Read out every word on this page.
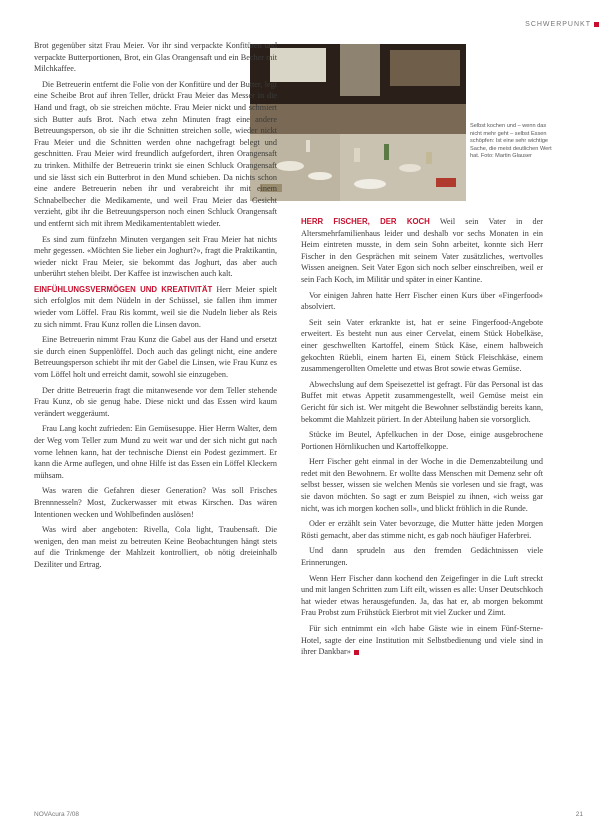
SCHWERPUNKT
Selbst kochen und – wenn das nicht mehr geht – selbst Essen schöpfen: Ist eine sehr wichtige Sache, die meist deutlichen Wert hat. Foto: Martin Glauser

Brot gegenüber sitzt Frau Meier. Vor ihr sind verpackte Konfitüren und verpackte Butterportionen, Brot, ein Glas Orangensaft und ein Becher mit Milchkaffee.

Die Betreuerin entfernt die Folie von der Konfitüre und der Butter, legt eine Scheibe Brot auf ihren Teller, drückt Frau Meier das Messer in die Hand und fragt, ob sie streichen möchte. Frau Meier nickt und schmiert sich Butter aufs Brot. Nach etwa zehn Minuten fragt eine andere Betreuungsperson, ob sie ihr die Schnitten streichen solle, wieder nickt Frau Meier und die Schnitten werden ohne nachgefragt belegt und geschnitten. Frau Meier wird freundlich aufgefordert, ihren Orangensaft zu trinken. Mithilfe der Betreuerin trinkt sie einen Schluck Orangensaft und sie lässt sich ein Butterbrot in den Mund schieben. Da nichts schon eine andere Betreuerin neben ihr und verabreicht ihr mit einem Schnabelbecher die Medikamente, und weil Frau Meier das Gesicht verzieht, gibt ihr die Betreuungsperson noch einen Schluck Orangensaft und entfernt sich mit ihrem Medikamententablett wieder.

Es sind zum fünfzehn Minuten vergangen seit Frau Meier hat nichts mehr gegessen. «Möchten Sie lieber ein Joghurt?», fragt die Praktikantin, wieder nickt Frau Meier, sie bekommt das Joghurt, das aber auch unberührt stehen bleibt. Der Kaffee ist inzwischen auch kalt.

EINFÜHLUNGSVERMÖGEN UND KREATIVITÄT Herr Meier spielt sich erfolglos mit dem Nüdeln in der Schüssel, sie fallen ihm immer wieder vom Löffel. Frau Ris kommt, weil sie die Nudeln lieber als Reis zu sich nimmt. Frau Kunz rollen die Linsen davon.

Eine Betreuerin nimmt Frau Kunz die Gabel aus der Hand und ersetzt sie durch einen Suppenlöffel. Doch auch das gelingt nicht, eine andere Betreuungsperson schiebt ihr mit der Gabel die Linsen, wie Frau Kunz es vom Löffel holt und erreicht damit, sowohl sie einzugeben.

Der dritte Betreuerin fragt die mitanwesende vor dem Teller stehende Frau Kunz, ob sie genug habe. Diese nickt und das Essen wird kaum verändert weggeräumt.

Frau Lang kocht zufrieden: Ein Gemüsesuppe. Hier Herrn Walter, dem der Weg vom Teller zum Mund zu weit war und der sich nicht gut nach vorne lehnen kann, hat der technische Dienst ein Podest gezimmert. Er kann die Arme auflegen, und ohne Hilfe ist das Essen ein Löffel Kleckern mühsam.

Was waren die Gefahren dieser Generation? Was soll Frisches Brennnesseln? Most, Zuckerwasser mit etwas Kirschen. Das wären Intentionen wecken und Wohlbefinden auslösen!

Was wird aber angeboten: Rivella, Cola light, Traubensaft. Die wenigen, den man meist zu betreuten Keine Beobachtungen hängt stets auf die Trinkmenge der Mahlzeit kontrolliert, ob nötig dreieinhalb Deziliter und Ertrag.

HERR FISCHER, DER KOCH Weil sein Vater in der Altersmehrfamilienhaus leider und deshalb vor sechs Monaten in ein Heim eintreten musste, in dem sein Sohn arbeitet, konnte sich Herr Fischer in den Gesprächen mit seinem Vater zusätzliches, wertvolles Wissen aneignen. Seit Vater Egon sich noch selber einschreiben, weil er sein Fach Koch, im Militär und später in einer Kantine.

Vor einigen Jahren hatte Herr Fischer einen Kurs über «Fingerfood» absolviert.

Seit sein Vater erkrankte ist, hat er seine Fingerfood-Angebote erweitert. Es besteht nun aus einer Cervelat, einem Stück Hobelkäse, einer geschwellten Kartoffel, einem Stück Käse, einem halbweich gekochten Rüebli, einem harten Ei, einem Stück Fleischkäse, einem zusammengerollten Omelette und etwas Brot sowie etwas Gemüse.

Abwechslung auf dem Speisezettel ist gefragt. Für das Personal ist das Buffet mit etwas Appetit zusammengestellt, weil Gemüse meist ein Gericht für sich ist. Wer mitgeht die Bewohner selbständig bereits kann, bekommt die Mahlzeit püriert. In der Abteilung haben sie vorsorglich.

Stücke im Beutel, Apfelkuchen in der Dose, einige ausgebrochene Portionen Hörnlikuchen und Kartoffelkoppe.

Herr Fischer geht einmal in der Woche in die Demenzabteilung und redet mit den Bewohnern. Er wollte dass Menschen mit Demenz sehr oft selbst besser, wissen sie welchen Menüs sie vorlesen und sie fragt, was sie davon möchten. So sagt er zum Beispiel zu ihnen, «ich weiss gar nicht, was ich morgen kochen soll», und blickt fröhlich in die Runde.

Oder er erzählt sein Vater bevorzuge, die Mutter hätte jeden Morgen Rösti gemacht, aber das stimme nicht, es gab noch häufiger Haferbrei.

Und dann sprudeln aus den fremden Gedächtnissen viele Erinnerungen.

Wenn Herr Fischer dann kochend den Zeigefinger in die Luft streckt und mit langen Schritten zum Lift eilt, wissen es alle: Unser Deutschkoch hat wieder etwas herausgefunden. Ja, das hat er, ab morgen bekommt Frau Probst zum Frühstück Eierbrot mit viel Zucker und Zimt.

Für sich entnimmt ein «Ich habe Gäste wie in einem Fünf-Sterne-Hotel, sagte der eine Institution mit Selbstbedienung und viele sind in ihrer Dankbar»

NOVAcura 7/08	21
